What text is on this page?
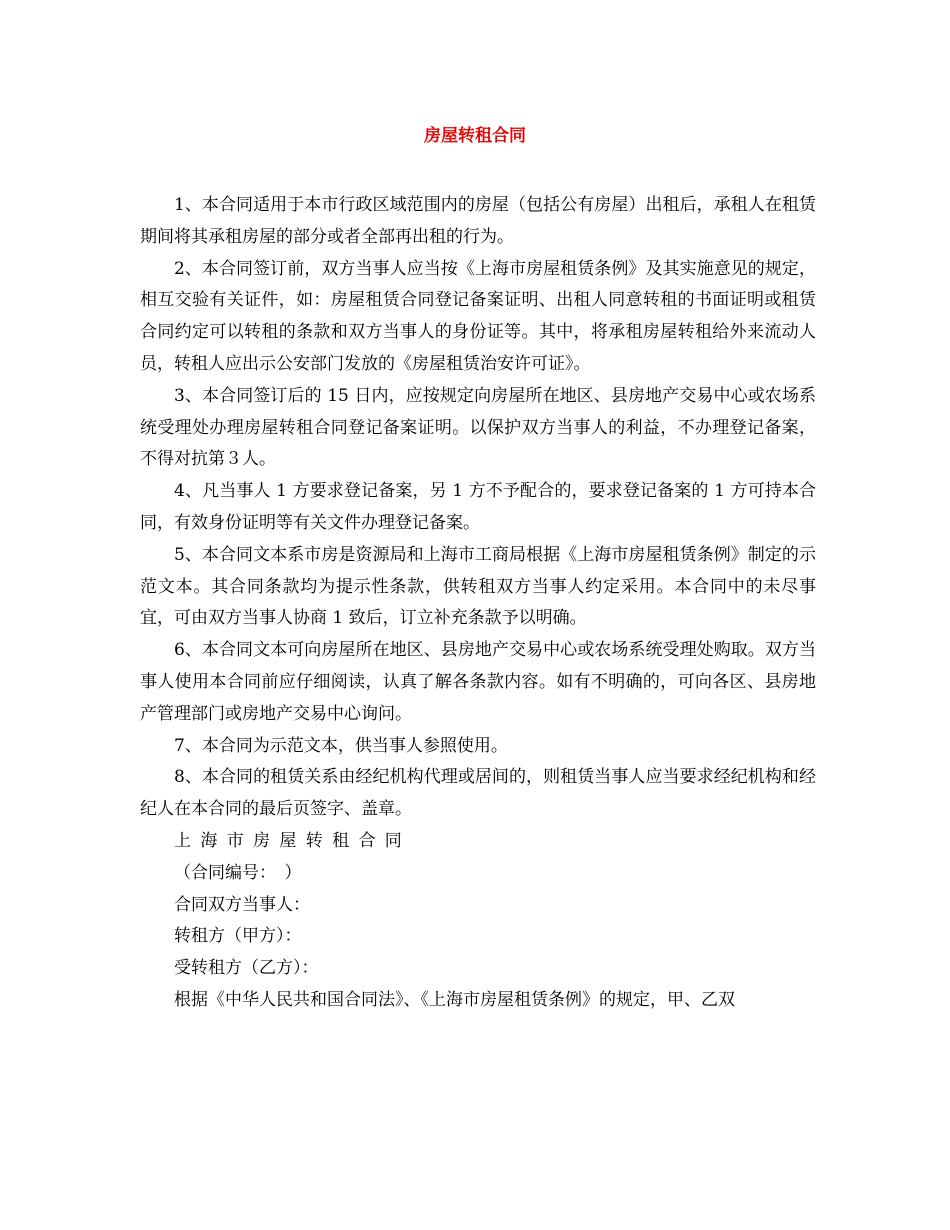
房屋转租合同

1、本合同适用于本市行政区域范围内的房屋（包括公有房屋）出租后，承租人在租赁期间将其承租房屋的部分或者全部再出租的行为。

2、本合同签订前，双方当事人应当按《上海市房屋租赁条例》及其实施意见的规定，相互交验有关证件，如：房屋租赁合同登记备案证明、出租人同意转租的书面证明或租赁合同约定可以转租的条款和双方当事人的身份证等。其中，将承租房屋转租给外来流动人员，转租人应出示公安部门发放的《房屋租赁治安许可证》。

3、本合同签订后的 15 日内，应按规定向房屋所在地区、县房地产交易中心或农场系统受理处办理房屋转租合同登记备案证明。以保护双方当事人的利益，不办理登记备案，不得对抗第３人。

4、凡当事人 1 方要求登记备案，另 1 方不予配合的，要求登记备案的 1 方可持本合同，有效身份证明等有关文件办理登记备案。

5、本合同文本系市房是资源局和上海市工商局根据《上海市房屋租赁条例》制定的示范文本。其合同条款均为提示性条款，供转租双方当事人约定采用。本合同中的未尽事宜，可由双方当事人协商 1 致后，订立补充条款予以明确。

6、本合同文本可向房屋所在地区、县房地产交易中心或农场系统受理处购取。双方当事人使用本合同前应仔细阅读，认真了解各条款内容。如有不明确的，可向各区、县房地产管理部门或房地产交易中心询问。

7、本合同为示范文本，供当事人参照使用。

8、本合同的租赁关系由经纪机构代理或居间的，则租赁当事人应当要求经纪机构和经纪人在本合同的最后页签字、盖章。

上海市房屋转租合同

（合同编号：　）

合同双方当事人：

转租方（甲方）：

受转租方（乙方）：

根据《中华人民共和国合同法》、《上海市房屋租赁条例》的规定，甲、乙双
